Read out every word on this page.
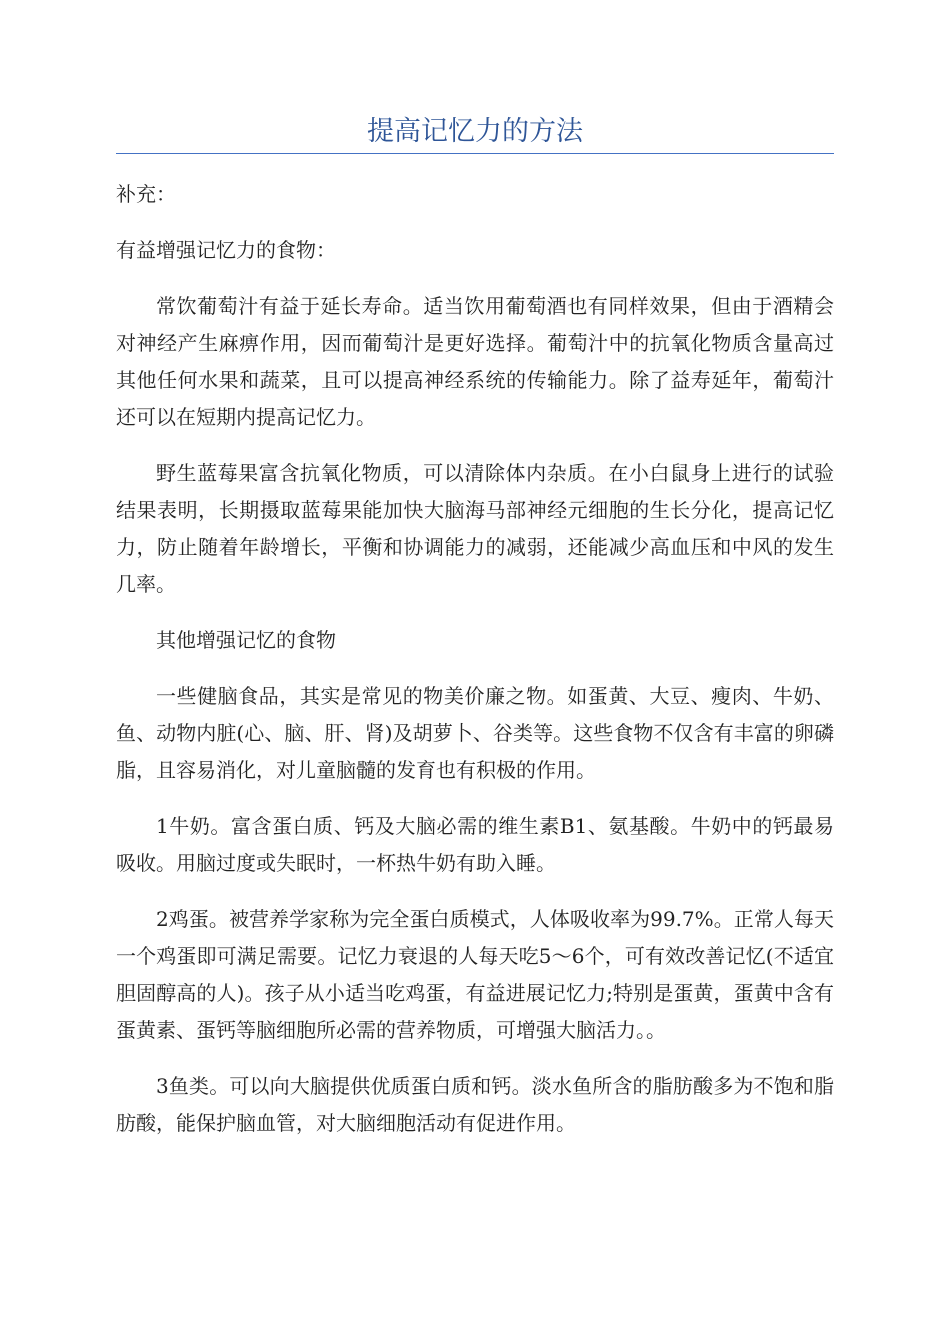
提高记忆力的方法

补充：

有益增强记忆力的食物：

常饮葡萄汁有益于延长寿命。适当饮用葡萄酒也有同样效果，但由于酒精会对神经产生麻痹作用，因而葡萄汁是更好选择。葡萄汁中的抗氧化物质含量高过其他任何水果和蔬菜，且可以提高神经系统的传输能力。除了益寿延年，葡萄汁还可以在短期内提高记忆力。

野生蓝莓果富含抗氧化物质，可以清除体内杂质。在小白鼠身上进行的试验结果表明，长期摄取蓝莓果能加快大脑海马部神经元细胞的生长分化，提高记忆力，防止随着年龄增长，平衡和协调能力的减弱，还能减少高血压和中风的发生几率。

其他增强记忆的食物

一些健脑食品，其实是常见的物美价廉之物。如蛋黄、大豆、瘦肉、牛奶、鱼、动物内脏(心、脑、肝、肾)及胡萝卜、谷类等。这些食物不仅含有丰富的卵磷脂，且容易消化，对儿童脑髓的发育也有积极的作用。

1牛奶。富含蛋白质、钙及大脑必需的维生素B1、氨基酸。牛奶中的钙最易吸收。用脑过度或失眠时，一杯热牛奶有助入睡。

2鸡蛋。被营养学家称为完全蛋白质模式，人体吸收率为99.7%。正常人每天一个鸡蛋即可满足需要。记忆力衰退的人每天吃5～6个，可有效改善记忆(不适宜胆固醇高的人)。孩子从小适当吃鸡蛋，有益进展记忆力;特别是蛋黄，蛋黄中含有蛋黄素、蛋钙等脑细胞所必需的营养物质，可增强大脑活力。。

3鱼类。可以向大脑提供优质蛋白质和钙。淡水鱼所含的脂肪酸多为不饱和脂肪酸，能保护脑血管，对大脑细胞活动有促进作用。
